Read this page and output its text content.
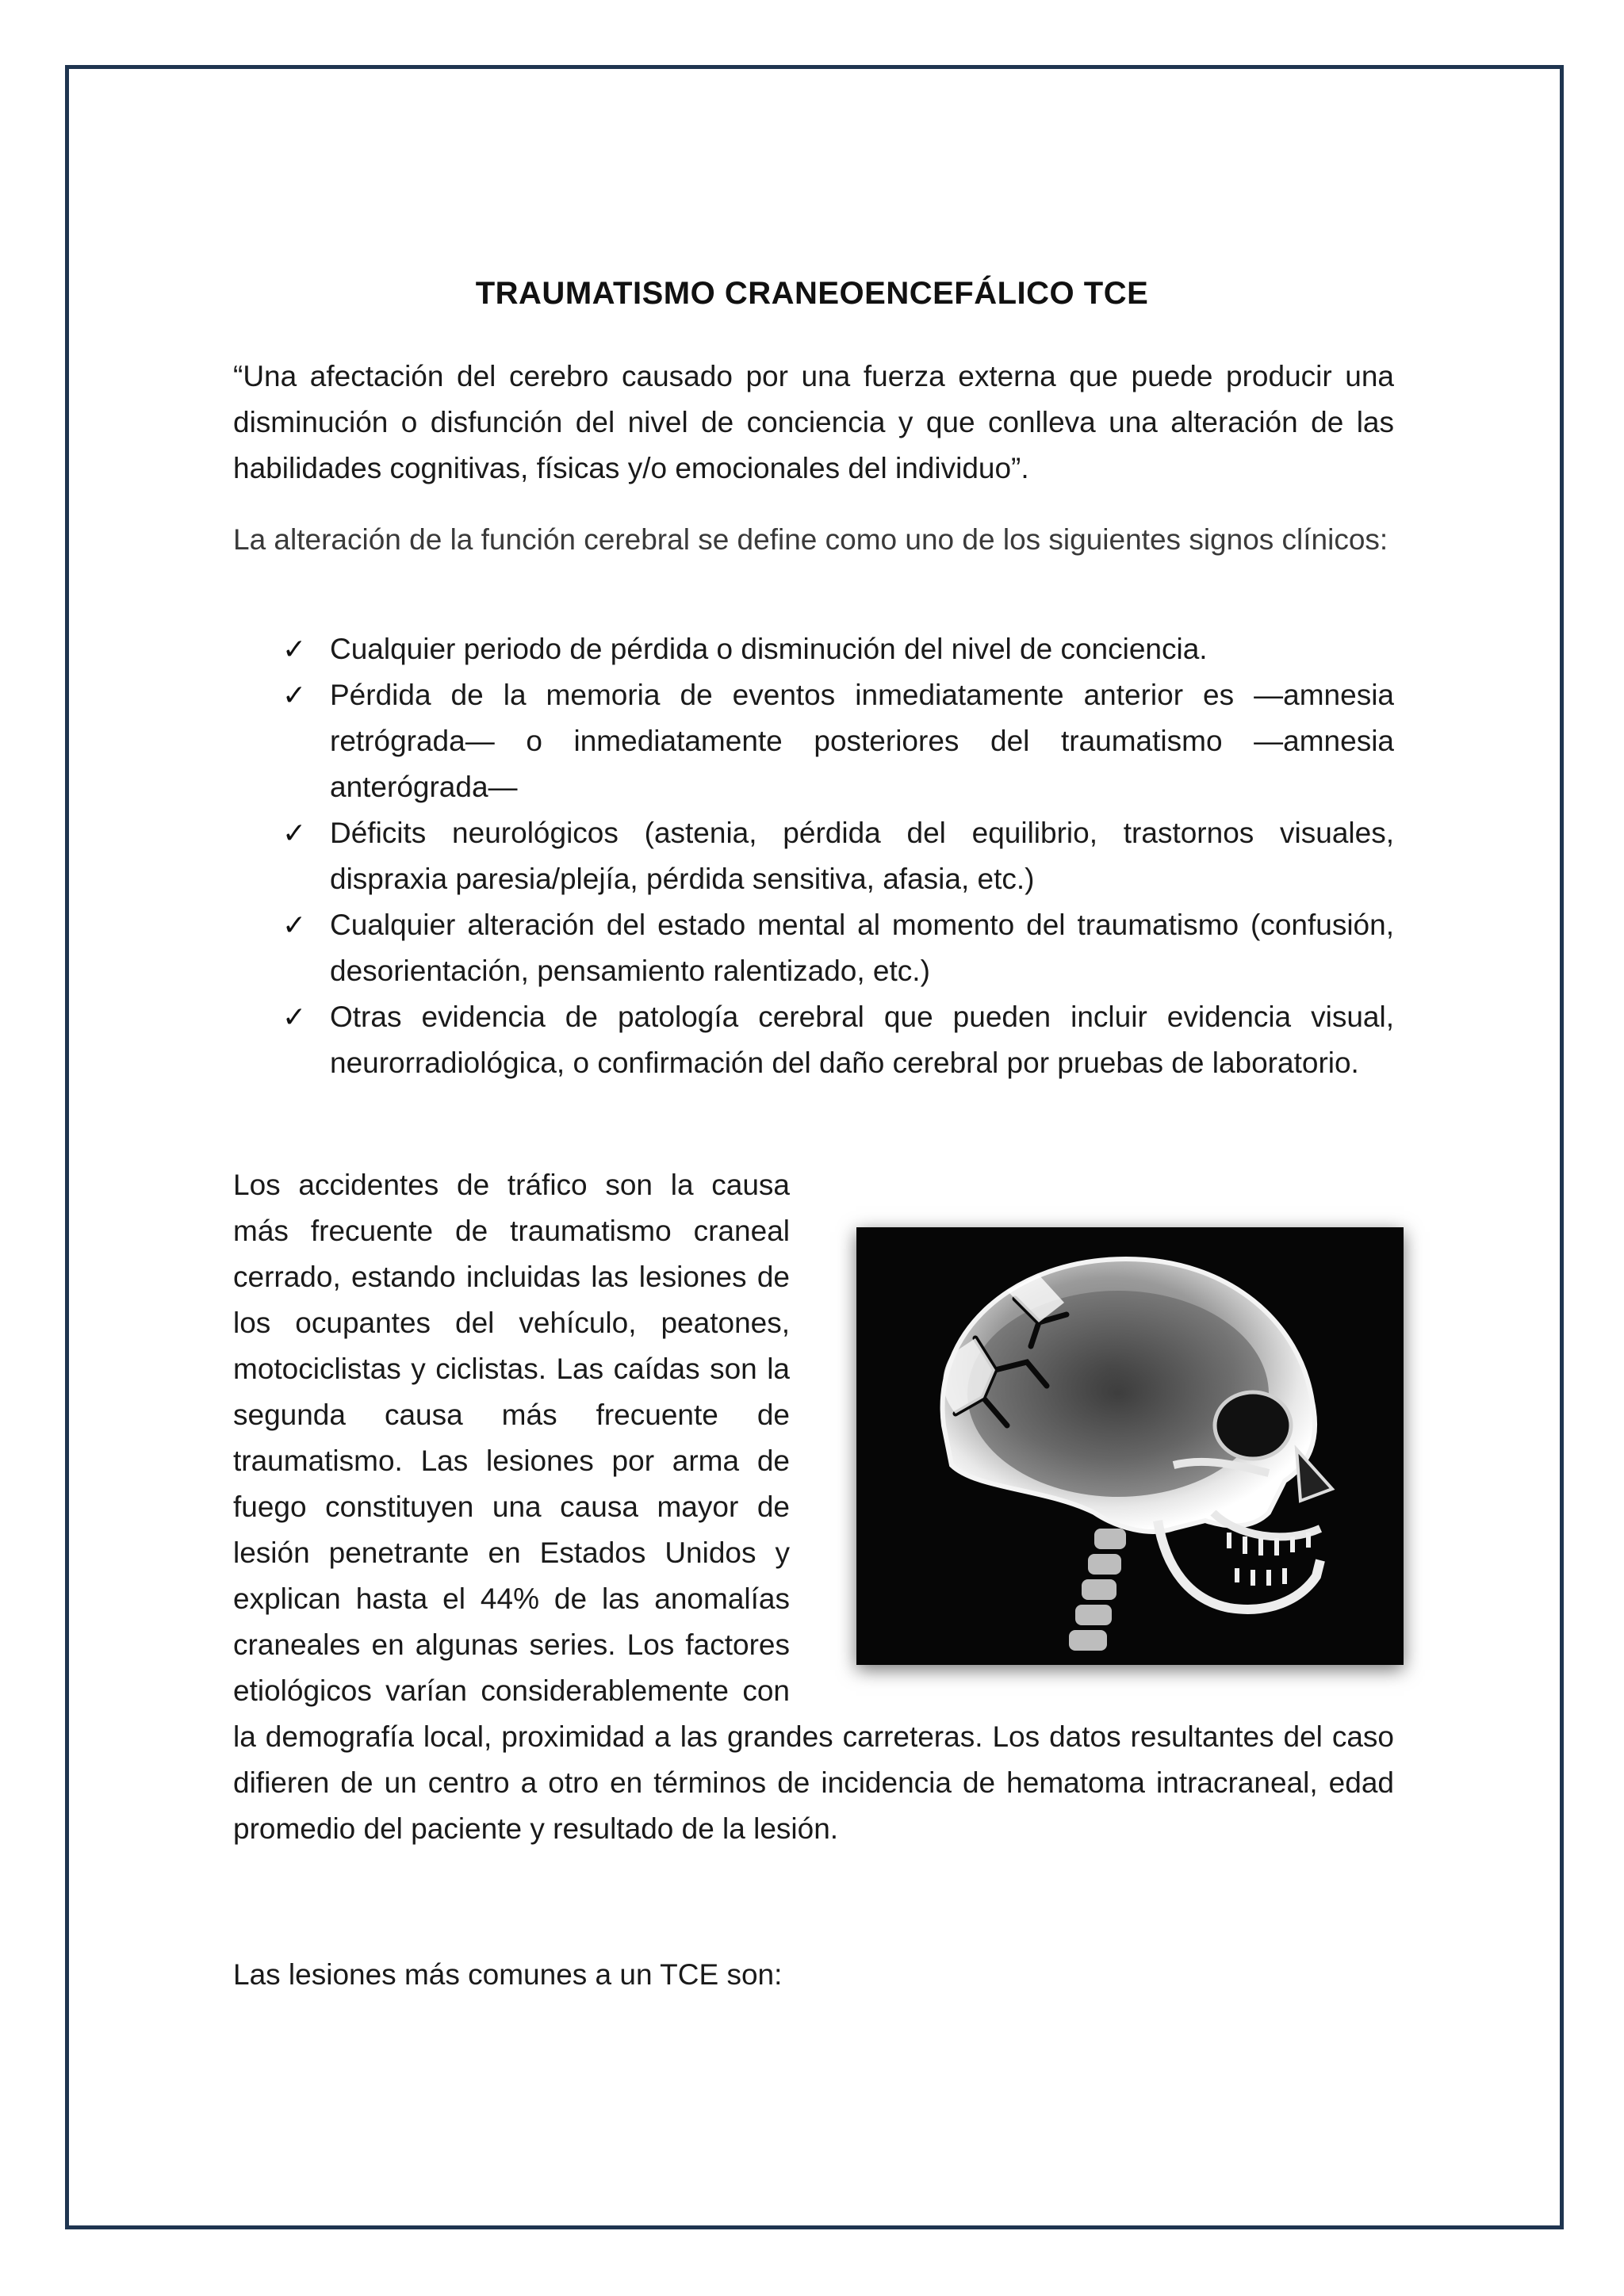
TRAUMATISMO CRANEOENCEFÁLICO TCE

“Una afectación del cerebro causado por una fuerza externa que puede producir una disminución o disfunción del nivel de conciencia y que conlleva una alteración de las habilidades cognitivas, físicas y/o emocionales del individuo”.

La alteración de la función cerebral se define como uno de los siguientes signos clínicos:

✓ Cualquier periodo de pérdida o disminución del nivel de conciencia.
✓ Pérdida de la memoria de eventos inmediatamente anterior es —amnesia retrógrada— o inmediatamente posteriores del traumatismo —amnesia anterógrada—
✓ Déficits neurológicos (astenia, pérdida del equilibrio, trastornos visuales, dispraxia paresia/plejía, pérdida sensitiva, afasia, etc.)
✓ Cualquier alteración del estado mental al momento del traumatismo (confusión, desorientación, pensamiento ralentizado, etc.)
✓ Otras evidencia de patología cerebral que pueden incluir evidencia visual, neurorradiológica, o confirmación del daño cerebral por pruebas de laboratorio.
Los accidentes de tráfico son la causa más frecuente de traumatismo craneal cerrado, estando incluidas las lesiones de los ocupantes del vehículo, peatones, motociclistas y ciclistas. Las caídas son la segunda causa más frecuente de traumatismo. Las lesiones por arma de fuego constituyen una causa mayor de lesión penetrante en Estados Unidos y explican hasta el 44% de las anomalías craneales en algunas series. Los factores etiológicos varían considerablemente con
la demografía local, proximidad a las grandes carreteras. Los datos resultantes del caso difieren de un centro a otro en términos de incidencia de hematoma intracraneal, edad promedio del paciente y resultado de la lesión.
Las lesiones más comunes a un TCE son:
